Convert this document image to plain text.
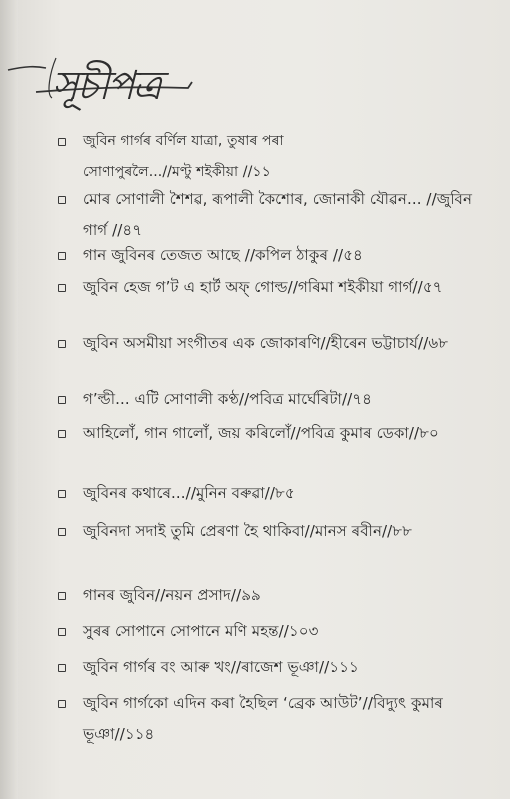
সূচীপত্ৰ
জুবিন গাৰ্গৰ বৰ্ণিল যাত্ৰা, তুষাৰ পৰা সোণাপুৰলৈ...//মণ্টু শইকীয়া //১১
মোৰ সোণালী শৈশৱ, ৰূপালী কৈশোৰ, জোনাকী যৌৱন... //জুবিন গাৰ্গ //৪৭
গান জুবিনৰ তেজত আছে //কপিল ঠাকুৰ //৫৪
জুবিন হেজ গ’ট এ হাৰ্ট অফ্ গোল্ড//গৰিমা শইকীয়া গাৰ্গ//৫৭
জুবিন অসমীয়া সংগীতৰ এক জোকাৰণি//হীৰেন ভট্টাচাৰ্য//৬৮
গ’ল্ডী... এটি সোণালী কণ্ঠ//পবিত্ৰ মাৰ্ঘেৰিটা//৭৪
আহিলোঁ, গান গালোঁ, জয় কৰিলোঁ//পবিত্ৰ কুমাৰ ডেকা//৮০
জুবিনৰ কথাৰে...//মুনিন বৰুৱা//৮৫
জুবিনদা সদাই তুমি প্ৰেৰণা হৈ থাকিবা//মানস ৰবীন//৮৮
গানৰ জুবিন//নয়ন প্ৰসাদ//৯৯
সুৰৰ সোপানে সোপানে মণি মহন্ত//১০৩
জুবিন গাৰ্গৰ বং আৰু খং//ৰাজেশ ভূঞা//১১১
জুবিন গাৰ্গকো এদিন কৰা হৈছিল ‘ব্ৰেক আউট’//বিদ্যুৎ কুমাৰ ভূঞা//১১৪
